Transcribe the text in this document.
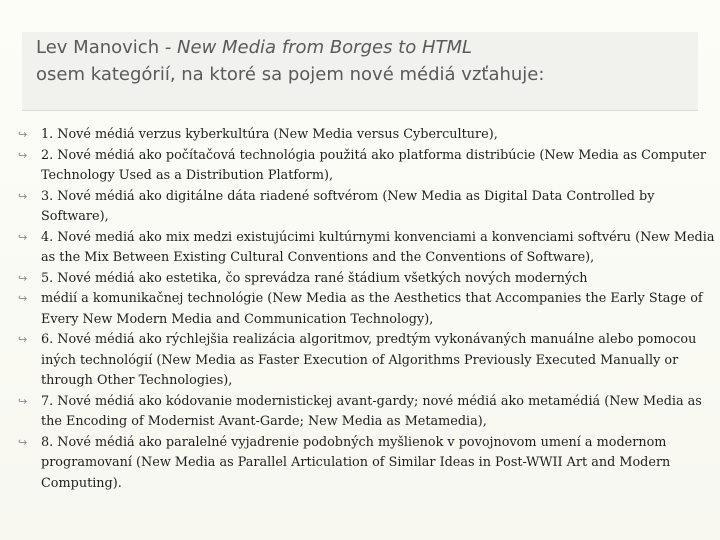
Lev Manovich - New Media from Borges to HTML
osem kategórií, na ktoré sa pojem nové médiá vzťahuje:
↪ 1. Nové médiá verzus kyberkultúra (New Media versus Cyberculture),
↪ 2. Nové médiá ako počítačová technológia použitá ako platforma distribúcie (New Media as Computer Technology Used as a Distribution Platform),
↪ 3. Nové médiá ako digitálne dáta riadené softvérom (New Media as Digital Data Controlled by Software),
↪ 4. Nové mediá ako mix medzi existujúcimi kultúrnymi konvenciami a konvenciami softvéru (New Media as the Mix Between Existing Cultural Conventions and the Conventions of Software),
↪ 5. Nové médiá ako estetika, čo sprevádza rané štádium všetkých nových moderných
↪ médií a komunikačnej technológie (New Media as the Aesthetics that Accompanies the Early Stage of Every New Modern Media and Communication Technology),
↪ 6. Nové médiá ako rýchlejšia realizácia algoritmov, predtým vykonávaných manuálne alebo pomocou iných technológií (New Media as Faster Execution of Algorithms Previously Executed Manually or through Other Technologies),
↪ 7. Nové médiá ako kódovanie modernistickej avant-gardy; nové médiá ako metamédiá (New Media as the Encoding of Modernist Avant-Garde; New Media as Metamedia),
↪ 8. Nové médiá ako paralelné vyjadrenie podobných myšlienok v povojnovom umení a modernom programovaní (New Media as Parallel Articulation of Similar Ideas in Post-WWII Art and Modern Computing).
